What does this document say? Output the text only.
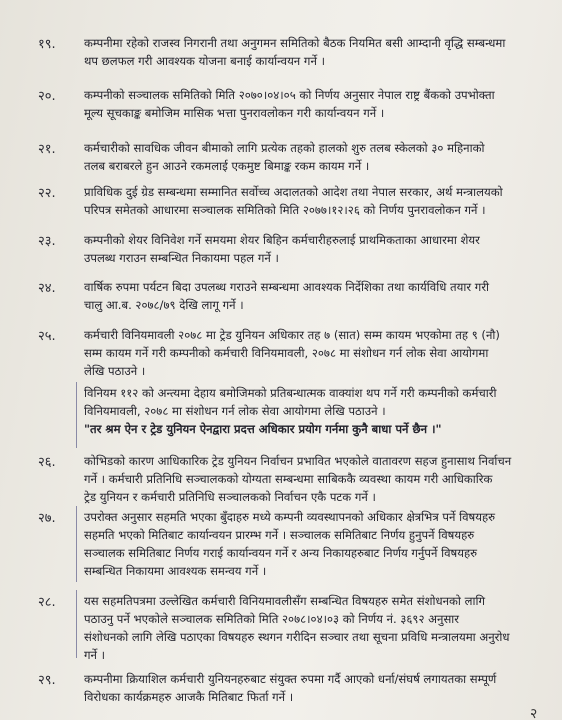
१९. कम्पनीमा रहेको राजस्व निगरानी तथा अनुगमन समितिको बैठक नियमित बसी आम्दानी वृद्धि सम्बन्धमा
थप छलफल गरी आवश्यक योजना बनाई कार्यान्वयन गर्ने ।
२०. कम्पनीको सञ्चालक समितिको मिति २०७०।०४।०५ को निर्णय अनुसार नेपाल राष्ट्र बैंकको उपभोक्ता
मूल्य सूचकाङ्क बमोजिम मासिक भत्ता पुनरावलोकन गरी कार्यान्वयन गर्ने ।
२१. कर्मचारीको सावधिक जीवन बीमाको लागि प्रत्येक तहको हालको शुरु तलब स्केलको ३० महिनाको
तलब बराबरले हुन आउने रकमलाई एकमुष्ट बिमाङ्क रकम कायम गर्ने ।
२२. प्राविधिक दुई ग्रेड सम्बन्धमा सम्मानित सर्वोच्च अदालतको आदेश तथा नेपाल सरकार, अर्थ मन्त्रालयको
परिपत्र समेतको आधारमा सञ्चालक समितिको मिति २०७७।१२।२६ को निर्णय पुनरावलोकन गर्ने ।
२३. कम्पनीको शेयर विनिवेश गर्ने समयमा शेयर बिहिन कर्मचारीहरुलाई प्राथमिकताका आधारमा शेयर
उपलब्ध गराउन सम्बन्धित निकायमा पहल गर्ने ।
२४. वार्षिक रुपमा पर्यटन बिदा उपलब्ध गराउने सम्बन्धमा आवश्यक निर्देशिका तथा कार्यविधि तयार गरी
चालु आ.ब. २०७८/७९ देखि लागू गर्ने ।
२५. कर्मचारी विनियमावली २०७८ मा ट्रेड युनियन अधिकार तह ७ (सात) सम्म कायम भएकोमा तह ९ (नौ)
सम्म कायम गर्ने गरी कम्पनीको कर्मचारी विनियमावली, २०७८ मा संशोधन गर्न लोक सेवा आयोगमा
लेखि पठाउने ।
विनियम ११२ को अन्त्यमा देहाय बमोजिमको प्रतिबन्धात्मक वाक्यांश थप गर्ने गरी कम्पनीको कर्मचारी
विनियमावली, २०७८ मा संशोधन गर्न लोक सेवा आयोगमा लेखि पठाउने ।
"तर श्रम ऐन र ट्रेड युनियन ऐनद्वारा प्रदत्त अधिकार प्रयोग गर्नमा कुनै बाधा पर्ने छैन ।"
२६. कोभिडको कारण आधिकारिक ट्रेड युनियन निर्वाचन प्रभावित भएकोले वातावरण सहज हुनासाथ निर्वाचन
गर्ने । कर्मचारी प्रतिनिधि सञ्चालकको योग्यता सम्बन्धमा साबिककै व्यवस्था कायम गरी आधिकारिक
ट्रेड युनियन र कर्मचारी प्रतिनिधि सञ्चालकको निर्वाचन एकै पटक गर्ने ।
२७. उपरोक्त अनुसार सहमति भएका बुँदाहरु मध्ये कम्पनी व्यवस्थापनको अधिकार क्षेत्रभित्र पर्ने विषयहरु
सहमति भएको मितिबाट कार्यान्वयन प्रारम्भ गर्ने । सञ्चालक समितिबाट निर्णय हुनुपर्ने विषयहरु
सञ्चालक समितिबाट निर्णय गराई कार्यान्वयन गर्ने र अन्य निकायहरुबाट निर्णय गर्नुपर्ने विषयहरु
सम्बन्धित निकायमा आवश्यक समन्वय गर्ने ।
२८. यस सहमतिपत्रमा उल्लेखित कर्मचारी विनियमावलीसँग सम्बन्धित विषयहरु समेत संशोधनको लागि
पठाउनु पर्ने भएकोले सञ्चालक समितिको मिति २०७८।०४।०३ को निर्णय नं. ३६९२ अनुसार
संशोधनको लागि लेखि पठाएका विषयहरु स्थगन गरीदिन सञ्चार तथा सूचना प्रविधि मन्त्रालयमा अनुरोध
गर्ने ।
२९. कम्पनीमा क्रियाशिल कर्मचारी युनियनहरुबाट संयुक्त रुपमा गर्दै आएको धर्ना/संघर्ष लगायतका सम्पूर्ण
विरोधका कार्यक्रमहरु आजकै मितिबाट फिर्ता गर्ने ।
२
